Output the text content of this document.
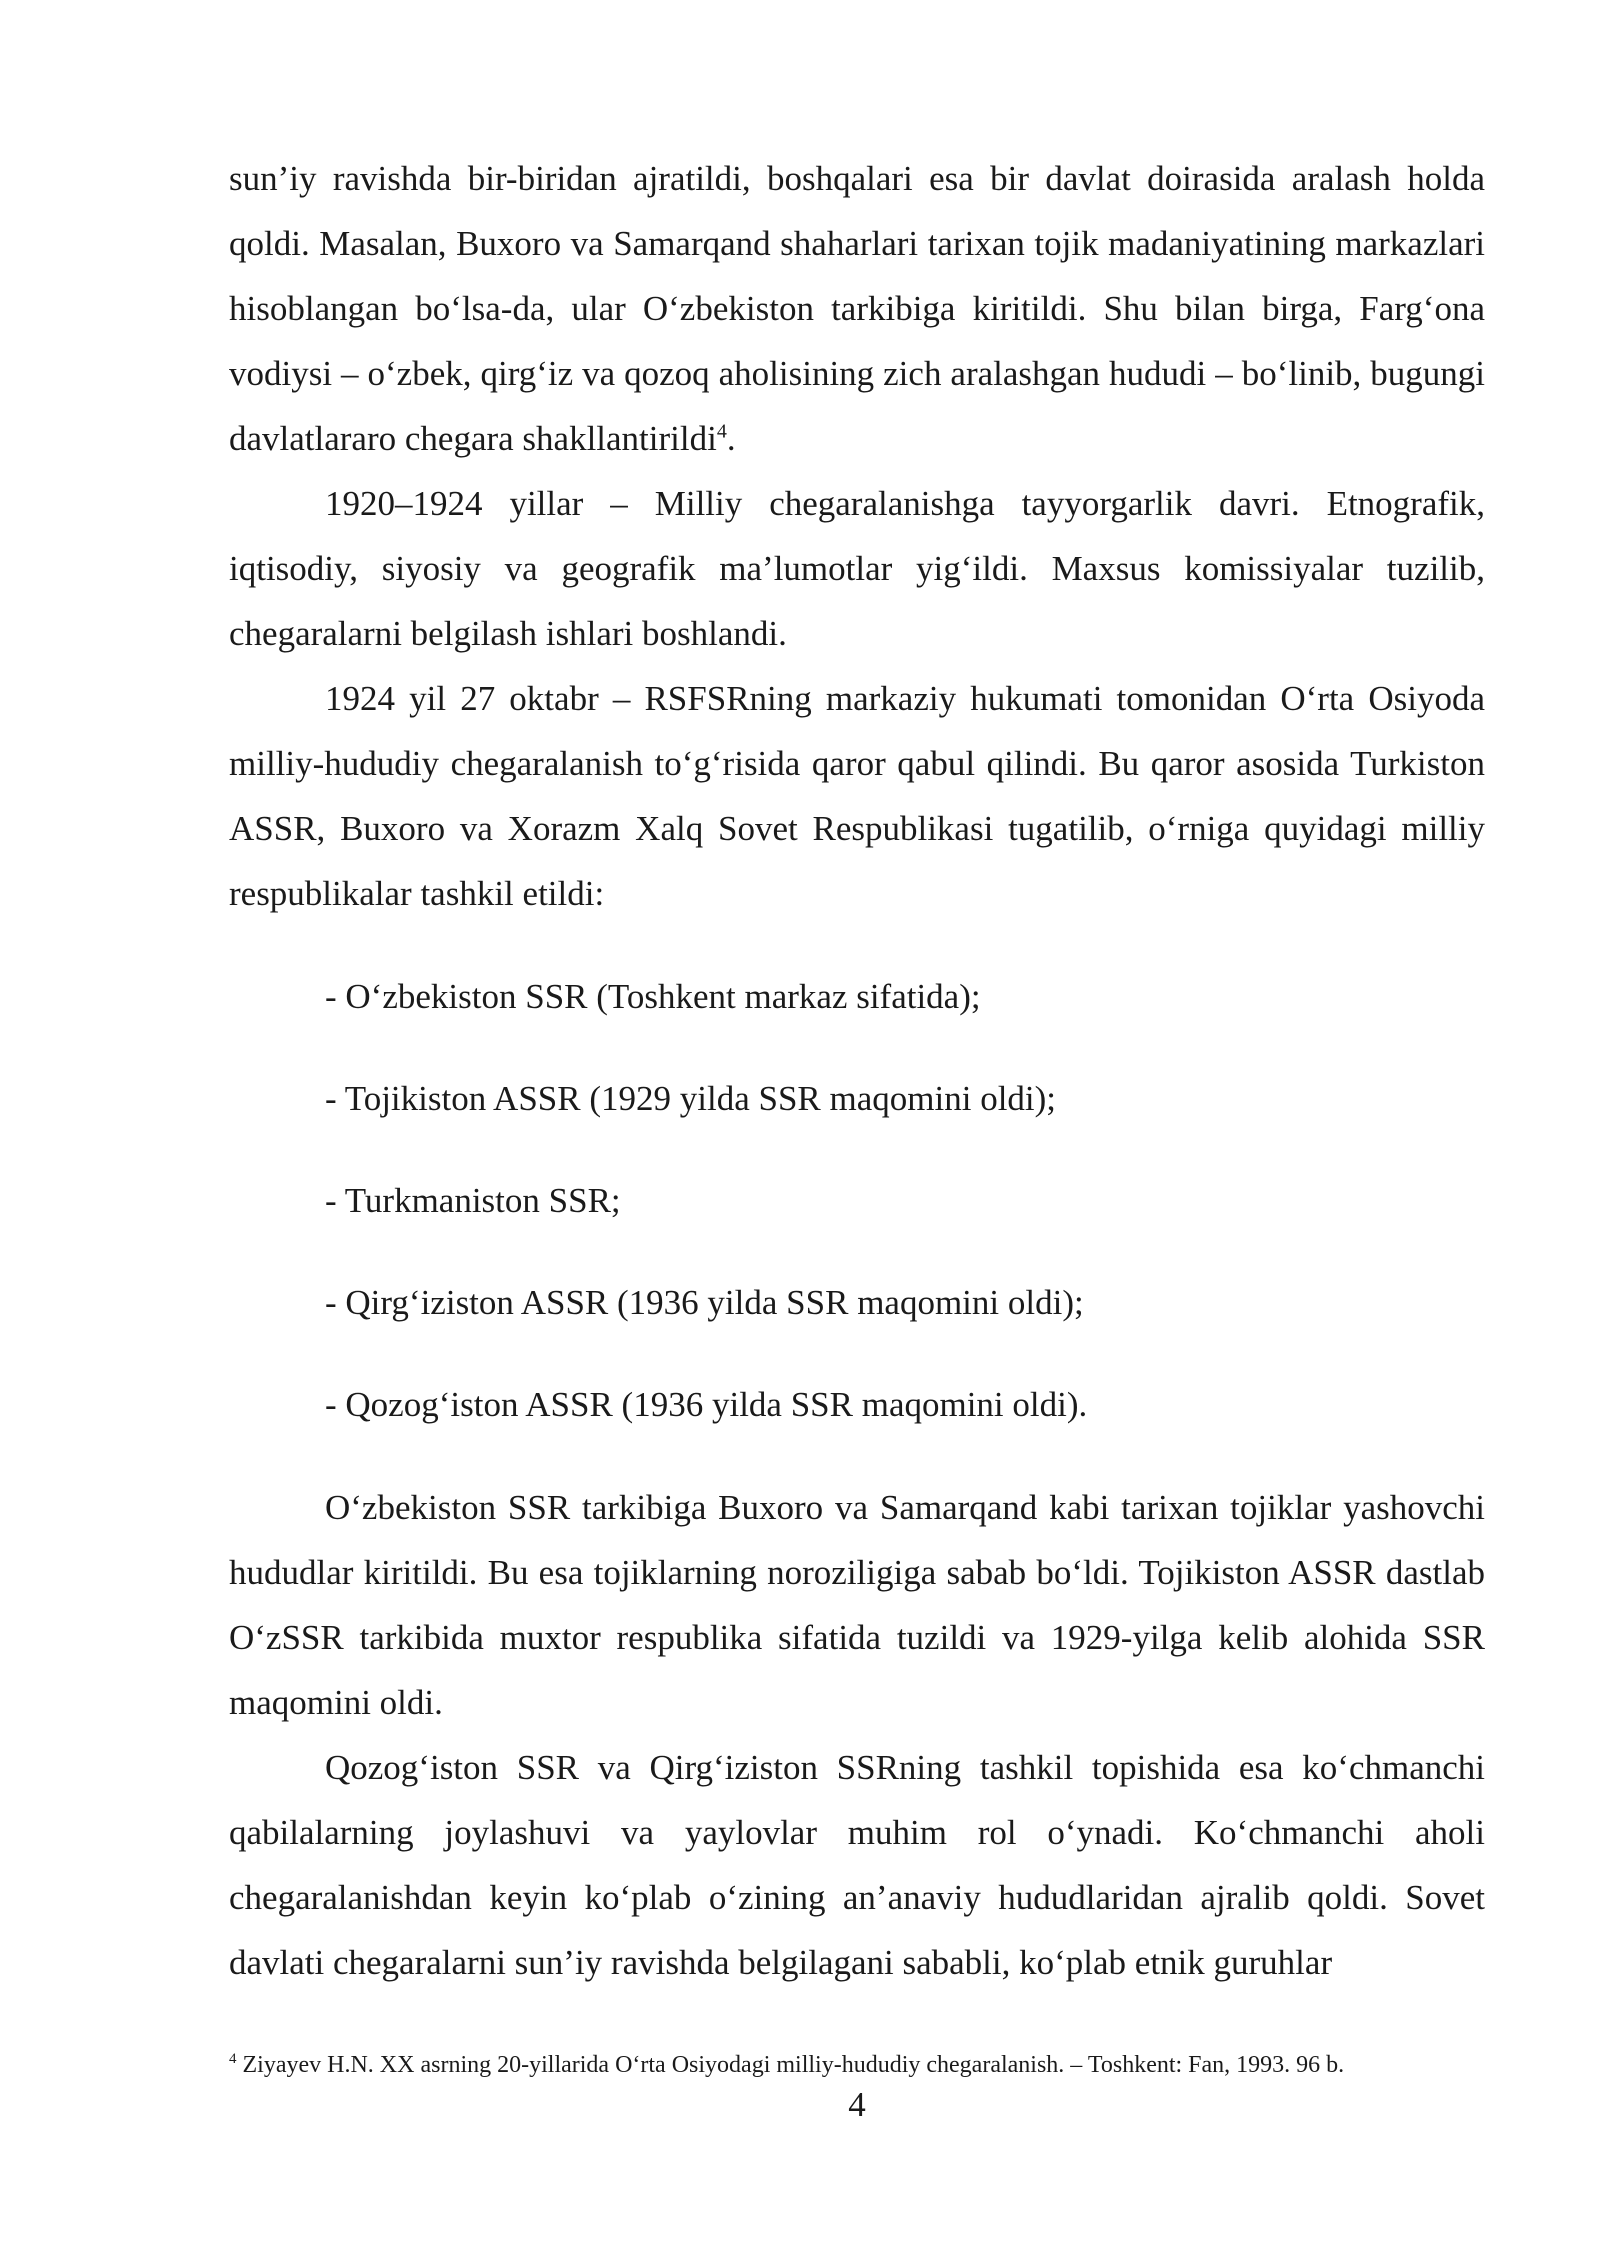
sun’iy ravishda bir-biridan ajratildi, boshqalari esa bir davlat doirasida aralash holda qoldi. Masalan, Buxoro va Samarqand shaharlari tarixan tojik madaniyatining markazlari hisoblangan bo‘lsa-da, ular O‘zbekiston tarkibiga kiritildi. Shu bilan birga, Farg‘ona vodiysi – o‘zbek, qirg‘iz va qozoq aholisining zich aralashgan hududi – bo‘linib, bugungi davlatlararo chegara shakllantirildi$^4$.

1920–1924 yillar – Milliy chegaralanishga tayyorgarlik davri. Etnografik, iqtisodiy, siyosiy va geografik ma’lumotlar yig‘ildi. Maxsus komissiyalar tuzilib, chegaralarni belgilash ishlari boshlandi.

1924 yil 27 oktabr – RSFSRning markaziy hukumati tomonidan O‘rta Osiyoda milliy-hududiy chegaralanish to‘g‘risida qaror qabul qilindi. Bu qaror asosida Turkiston ASSR, Buxoro va Xorazm Xalq Sovet Respublikasi tugatilib, o‘rniga quyidagi milliy respublikalar tashkil etildi:

- O‘zbekiston SSR (Toshkent markaz sifatida);
- Tojikiston ASSR (1929 yilda SSR maqomini oldi);
- Turkmaniston SSR;
- Qirg‘iziston ASSR (1936 yilda SSR maqomini oldi);
- Qozog‘iston ASSR (1936 yilda SSR maqomini oldi).

O‘zbekiston SSR tarkibiga Buxoro va Samarqand kabi tarixan tojiklar yashovchi hududlar kiritildi. Bu esa tojiklarning noroziligiga sabab bo‘ldi. Tojikiston ASSR dastlab O‘zSSR tarkibida muxtor respublika sifatida tuzildi va 1929-yilga kelib alohida SSR maqomini oldi.

Qozog‘iston SSR va Qirg‘iziston SSRning tashkil topishida esa ko‘chmanchi qabilalarning joylashuvi va yaylovlar muhim rol o‘ynadi. Ko‘chmanchi aholi chegaralanishdan keyin ko‘plab o‘zining an’anaviy hududlaridan ajralib qoldi. Sovet davlati chegaralarni sun’iy ravishda belgilagani sababli, ko‘plab etnik guruhlar

$^4$ Ziyayev H.N. XX asrning 20-yillarida O‘rta Osiyodagi milliy-hududiy chegaralanish. – Toshkent: Fan, 1993. 96 b.
4
